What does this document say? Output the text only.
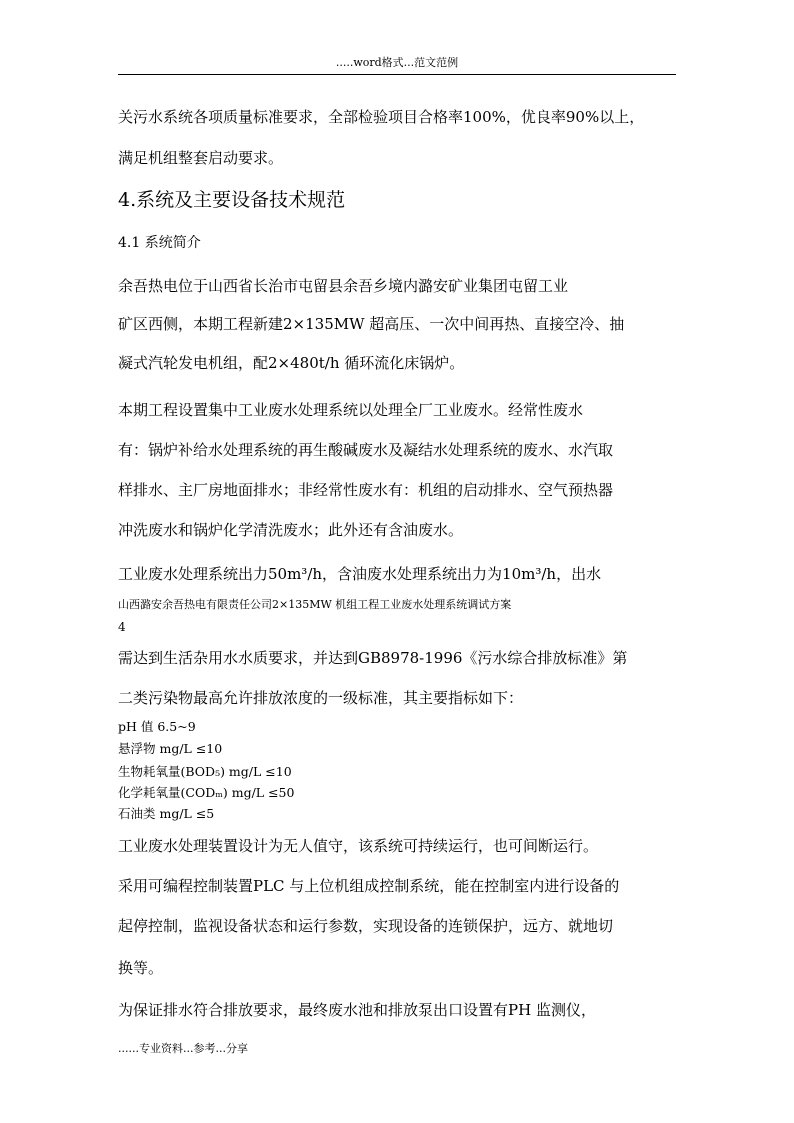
.....word格式...范文范例
关污水系统各项质量标准要求，全部检验项目合格率100%，优良率90%以上，
满足机组整套启动要求。
4.系统及主要设备技术规范
4.1 系统简介
余吾热电位于山西省长治市屯留县余吾乡境内潞安矿业集团屯留工业
矿区西侧，本期工程新建2×135MW 超高压、一次中间再热、直接空冷、抽
凝式汽轮发电机组，配2×480t/h 循环流化床锅炉。
本期工程设置集中工业废水处理系统以处理全厂工业废水。经常性废水
有：锅炉补给水处理系统的再生酸碱废水及凝结水处理系统的废水、水汽取
样排水、主厂房地面排水；非经常性废水有：机组的启动排水、空气预热器
冲洗废水和锅炉化学清洗废水；此外还有含油废水。
工业废水处理系统出力50m³/h，含油废水处理系统出力为10m³/h，出水
山西潞安余吾热电有限责任公司2×135MW 机组工程工业废水处理系统调试方案
4
需达到生活杂用水水质要求，并达到GB8978-1996《污水综合排放标准》第
二类污染物最高允许排放浓度的一级标准，其主要指标如下：
pH 值 6.5~9
悬浮物 mg/L ≤10
生物耗氧量(BOD₅) mg/L ≤10
化学耗氧量(CODₘ) mg/L ≤50
石油类 mg/L ≤5
工业废水处理装置设计为无人值守，该系统可持续运行，也可间断运行。
采用可编程控制装置PLC 与上位机组成控制系统，能在控制室内进行设备的
起停控制，监视设备状态和运行参数，实现设备的连锁保护，远方、就地切
换等。
为保证排水符合排放要求，最终废水池和排放泵出口设置有PH 监测仪，
......专业资料...参考...分享
